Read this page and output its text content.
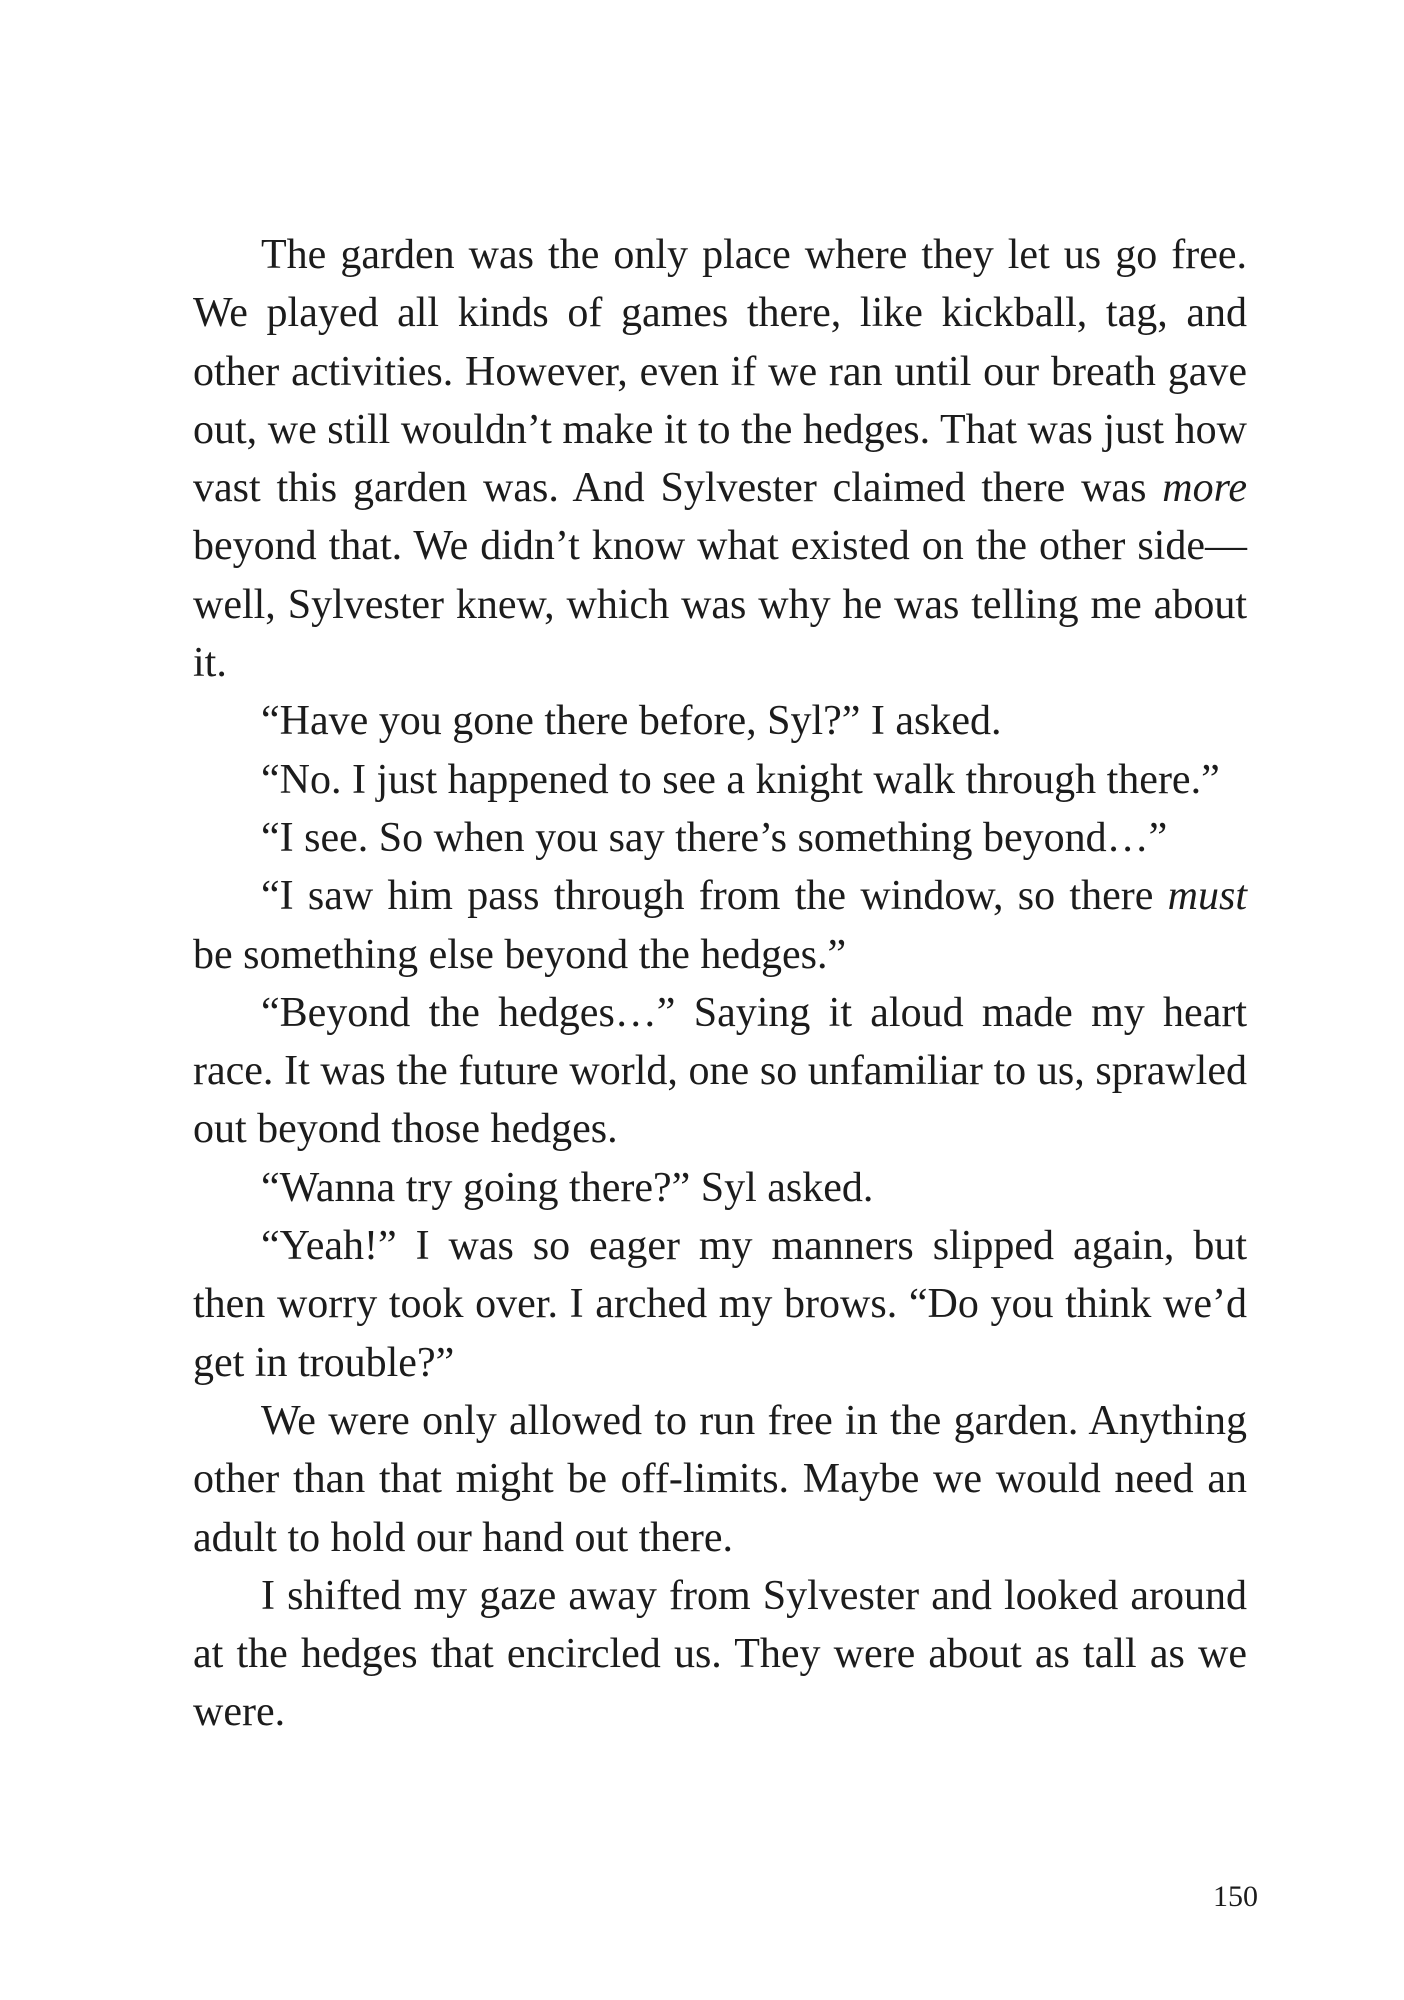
The garden was the only place where they let us go free. We played all kinds of games there, like kickball, tag, and other activities. However, even if we ran until our breath gave out, we still wouldn’t make it to the hedges. That was just how vast this garden was. And Sylvester claimed there was more beyond that. We didn’t know what existed on the other side—well, Sylvester knew, which was why he was telling me about it.

“Have you gone there before, Syl?” I asked.

“No. I just happened to see a knight walk through there.”

“I see. So when you say there’s something beyond…”

“I saw him pass through from the window, so there must be something else beyond the hedges.”

“Beyond the hedges…” Saying it aloud made my heart race. It was the future world, one so unfamiliar to us, sprawled out beyond those hedges.

“Wanna try going there?” Syl asked.

“Yeah!” I was so eager my manners slipped again, but then worry took over. I arched my brows. “Do you think we’d get in trouble?”

We were only allowed to run free in the garden. Anything other than that might be off-limits. Maybe we would need an adult to hold our hand out there.

I shifted my gaze away from Sylvester and looked around at the hedges that encircled us. They were about as tall as we were.

150
